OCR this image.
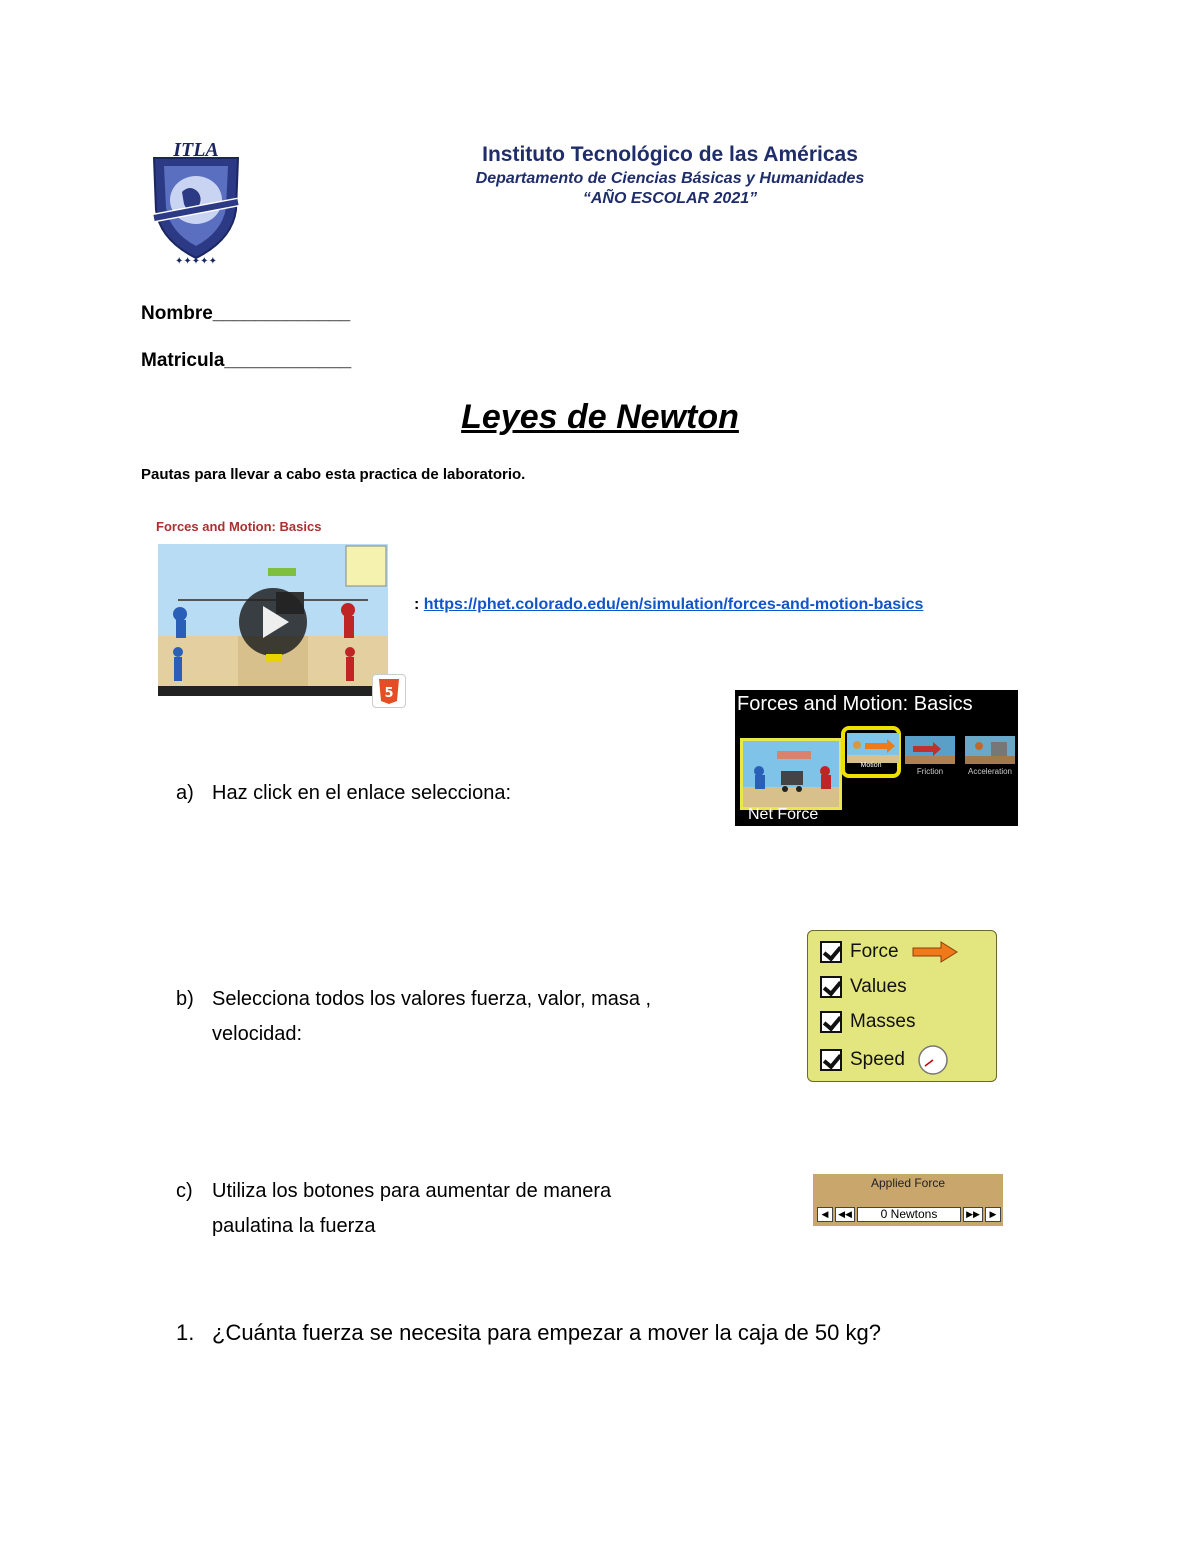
ITLA
✦✦✦✦✦
Instituto Tecnológico de las Américas
Departamento de Ciencias Básicas y Humanidades
“AÑO ESCOLAR 2021”
Nombre_____________
Matricula____________
Leyes de Newton
Pautas para llevar a cabo esta practica de laboratorio.
Forces and Motion: Basics
5
: https://phet.colorado.edu/en/simulation/forces-and-motion-basics
Forces and Motion: Basics
Net Force
Motion
Friction	Acceleration
a) Haz click en el enlace selecciona:
b) Selecciona todos los valores fuerza, valor, masa ,
velocidad:
Force
Values
Masses
Speed
c) Utiliza los botones para aumentar de manera
paulatina la fuerza
Applied Force
◀	◀◀	0 Newtons	▶▶	▶
1. ¿Cuánta fuerza se necesita para empezar a mover la caja de 50 kg?
